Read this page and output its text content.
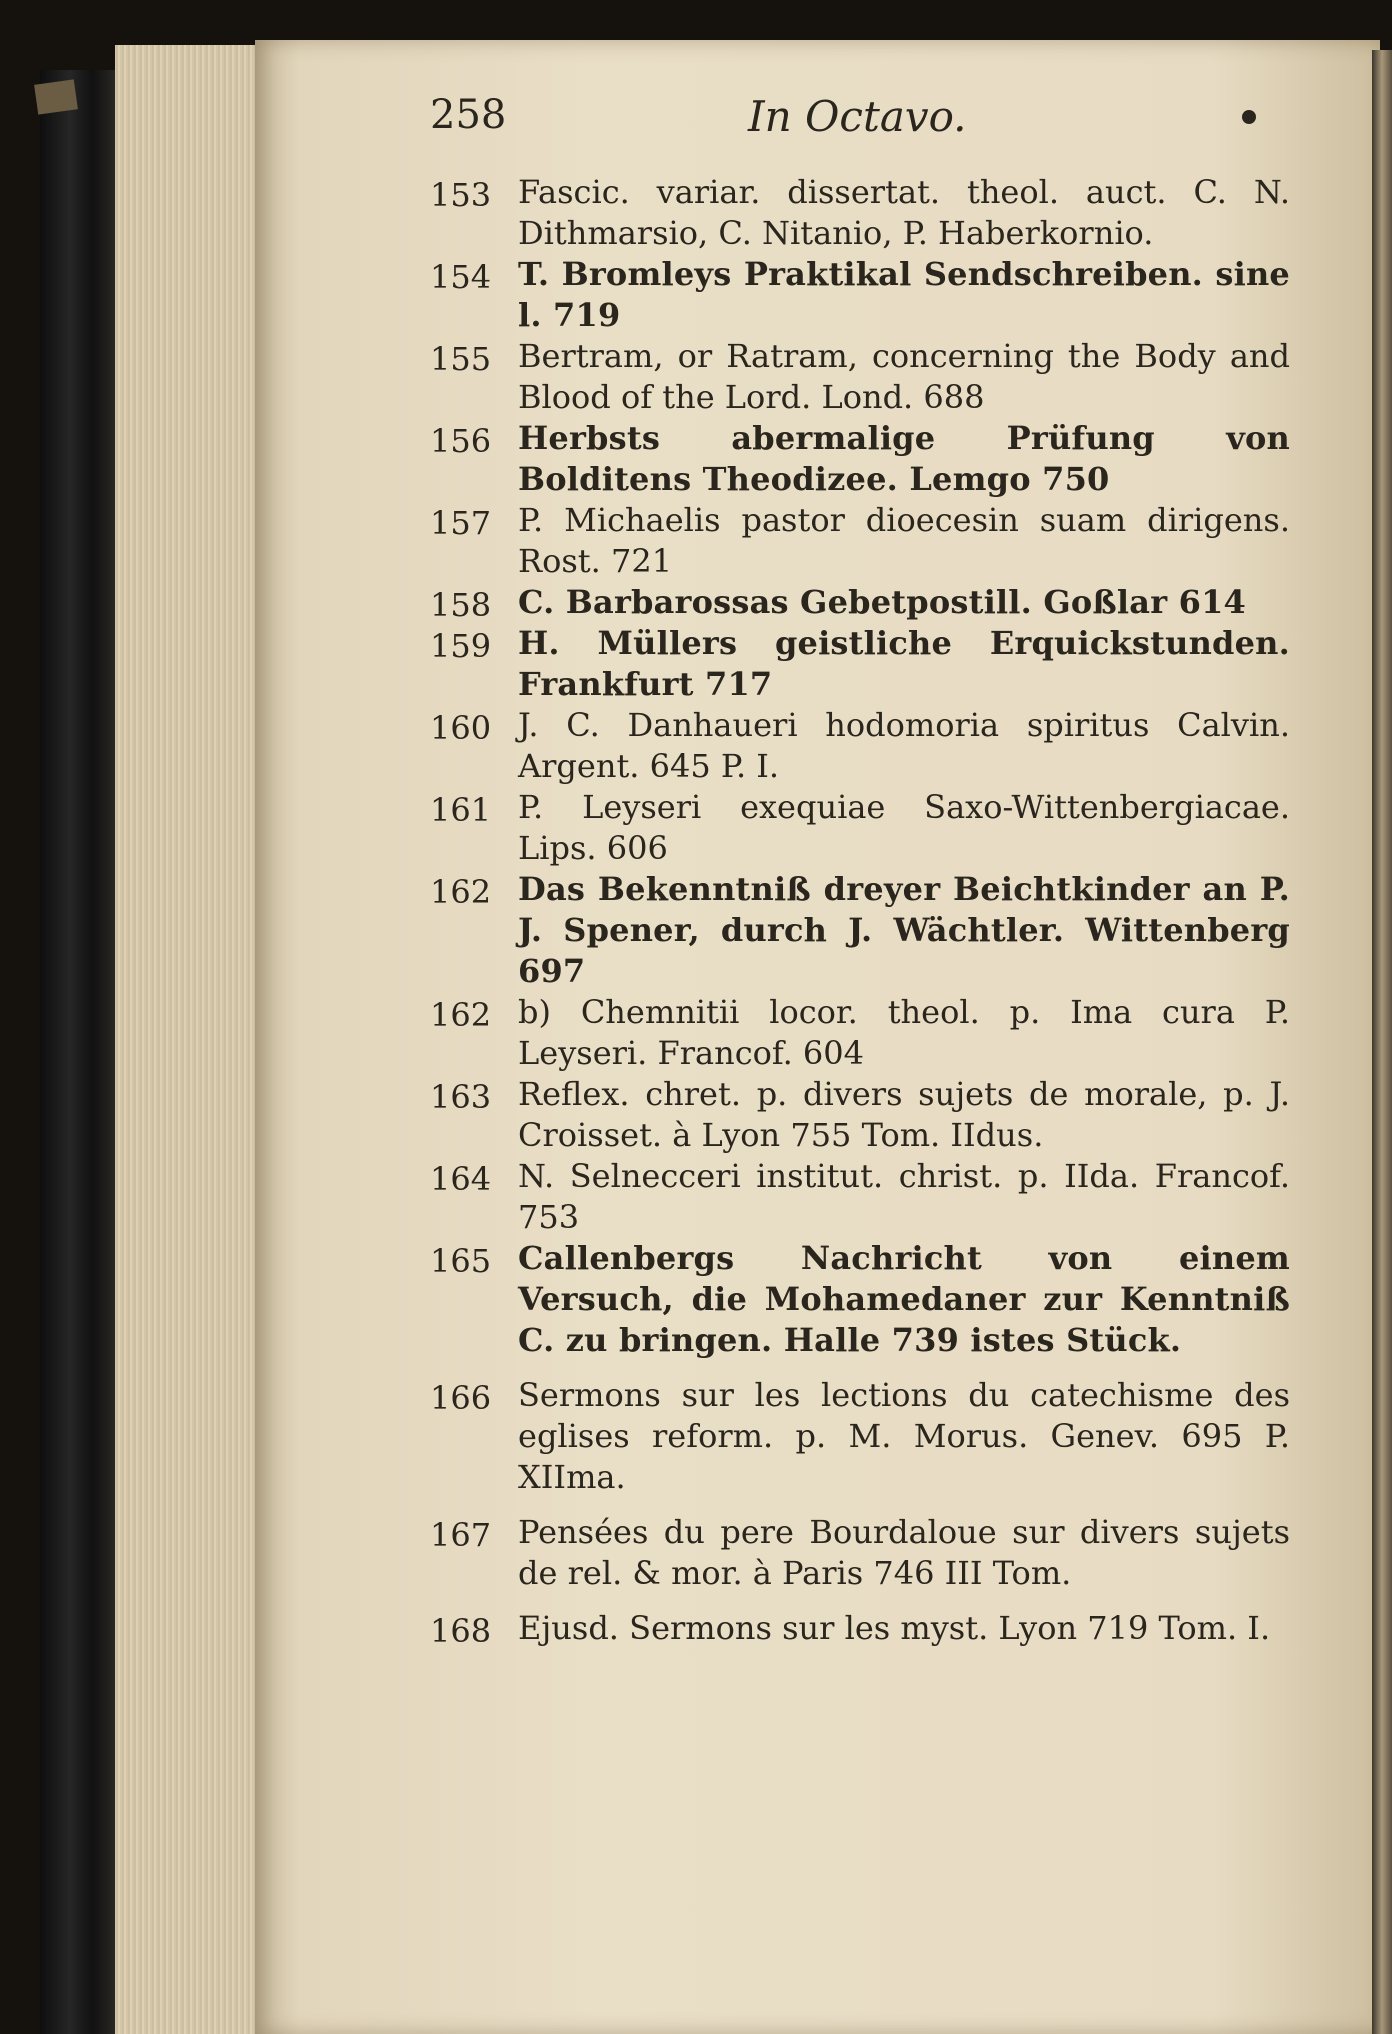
258	In Octavo.
153 Fascic. variar. dissertat. theol. auct. C. N. Dithmarsio, C. Nitanio, P. Haberkornio.
154 T. Bromleys Praktikal Sendschreiben. sine l. 719
155 Bertram, or Ratram, concerning the Body and Blood of the Lord. Lond. 688
156 Herbsts abermalige Prüfung von Bolditens Theodizee. Lemgo 750
157 P. Michaelis pastor dioecesin suam dirigens. Rost. 721
158 C. Barbarossas Gebetpostill. Goßlar 614
159 H. Müllers geistliche Erquickstunden. Frankfurt 717
160 J. C. Danhaueri hodomoria spiritus Calvin. Argent. 645 P. I.
161 P. Leyseri exequiae Saxo-Wittenbergiacae. Lips. 606
162 Das Bekenntniß dreyer Beichtkinder an P. J. Spener, durch J. Wächtler. Wittenberg 697
162 b) Chemnitii locor. theol. p. Ima cura P. Leyseri. Francof. 604
163 Reflex. chret. p. divers sujets de morale, p. J. Croisset. à Lyon 755 Tom. IIdus.
164 N. Selnecceri institut. christ. p. IIda. Francof. 753
165 Callenbergs Nachricht von einem Versuch, die Mohamedaner zur Kenntniß C. zu bringen. Halle 739 istes Stück.
166 Sermons sur les lections du catechisme des eglises reform. p. M. Morus. Genev. 695 P. XIIma.
167 Pensées du pere Bourdaloue sur divers sujets de rel. & mor. à Paris 746 III Tom.
168 Ejusd. Sermons sur les myst. Lyon 719 Tom. I.
